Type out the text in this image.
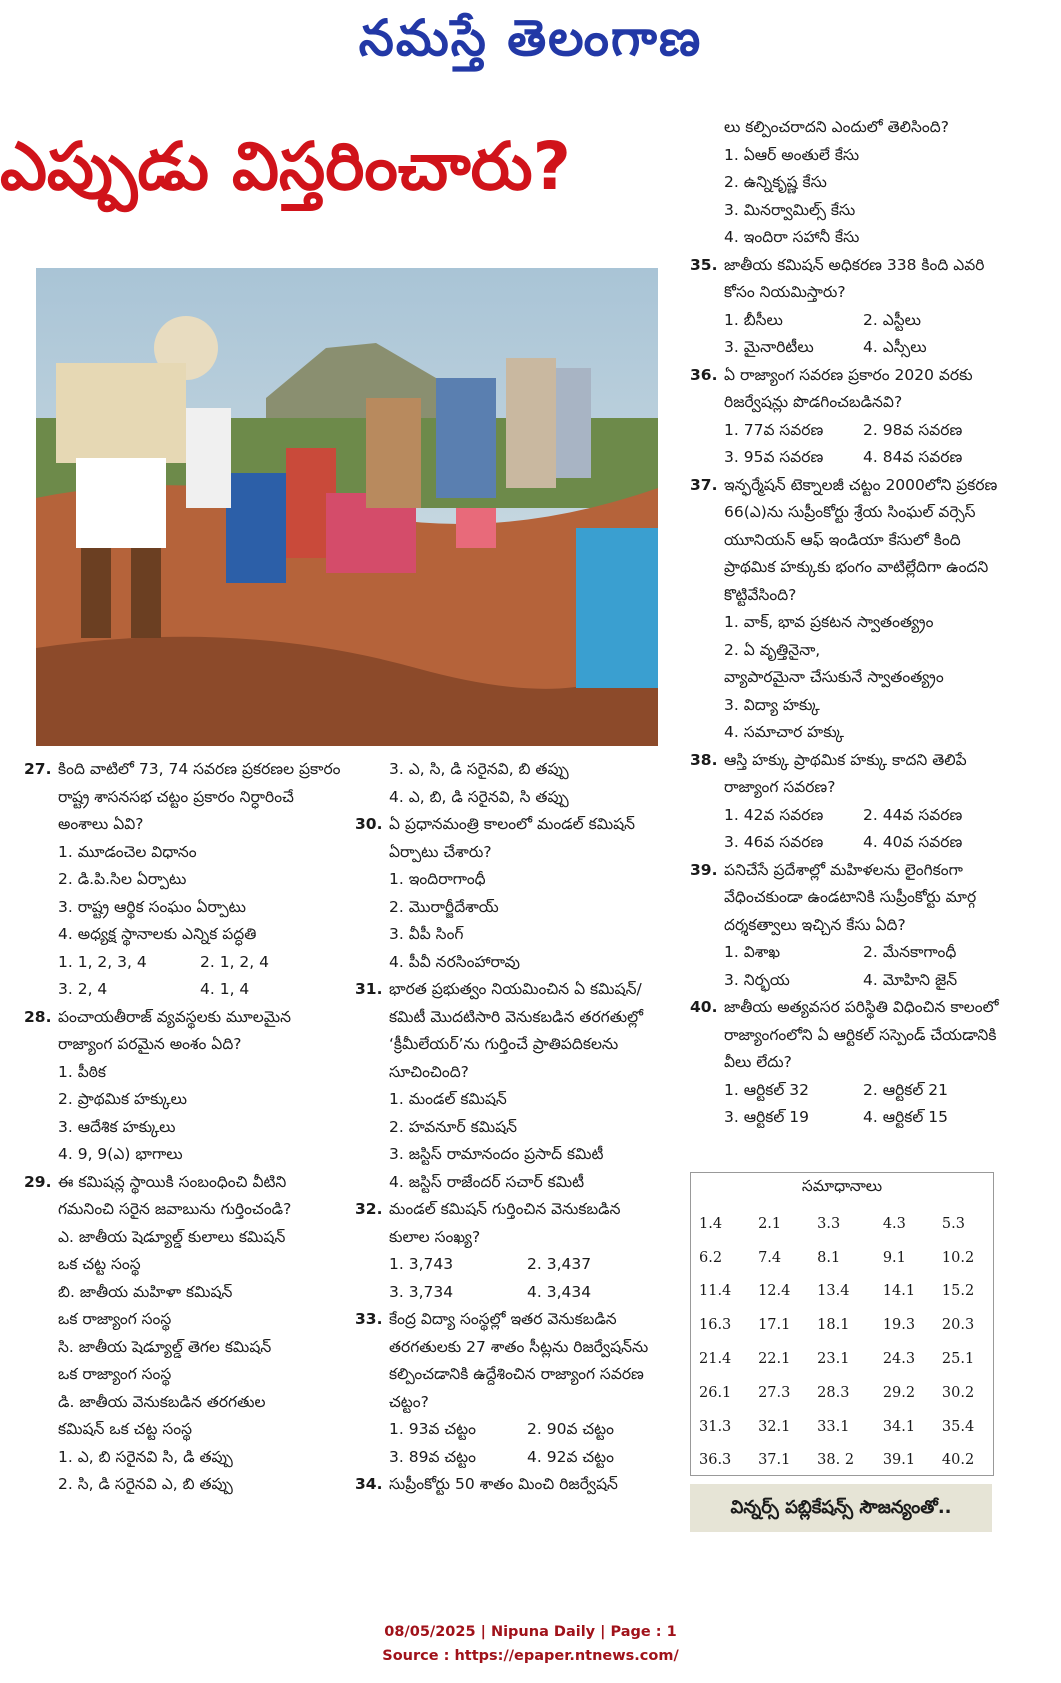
నమస్తే తెలంగాణ
ఎప్పుడు విస్తరించారు?
27. కింది వాటిలో 73, 74 సవరణ ప్రకరణల ప్రకారం రాష్ట్ర శాసనసభ చట్టం ప్రకారం నిర్ధారించే అంశాలు ఏవి?
1. మూడంచెల విధానం
2. డి.పి.సిల ఏర్పాటు
3. రాష్ట్ర ఆర్థిక సంఘం ఏర్పాటు
4. అధ్యక్ష స్థానాలకు ఎన్నిక పద్ధతి
1. 1, 2, 3, 4	2. 1, 2, 4
3. 2, 4	4. 1, 4
28. పంచాయతీరాజ్ వ్యవస్థలకు మూలమైన రాజ్యాంగ పరమైన అంశం ఏది?
1. పీఠిక
2. ప్రాథమిక హక్కులు
3. ఆదేశిక హక్కులు
4. 9, 9(ఎ) భాగాలు
29. ఈ కమిషన్ల స్థాయికి సంబంధించి వీటిని గమనించి సరైన జవాబును గుర్తించండి?
ఎ. జాతీయ షెడ్యూల్డ్ కులాలు కమిషన్
ఒక చట్ట సంస్థ
బి. జాతీయ మహిళా కమిషన్
ఒక రాజ్యాంగ సంస్థ
సి. జాతీయ షెడ్యూల్డ్ తెగల కమిషన్
ఒక రాజ్యాంగ సంస్థ
డి. జాతీయ వెనుకబడిన తరగతుల
కమిషన్ ఒక చట్ట సంస్థ
1. ఎ, బి సరైనవి సి, డి తప్పు
2. సి, డి సరైనవి ఎ, బి తప్పు
3. ఎ, సి, డి సరైనవి, బి తప్పు
4. ఎ, బి, డి సరైనవి, సి తప్పు
30. ఏ ప్రధానమంత్రి కాలంలో మండల్ కమిషన్ ఏర్పాటు చేశారు?
1. ఇందిరాగాంధీ
2. మొరార్జీదేశాయ్
3. వీపీ సింగ్
4. పీవీ నరసింహారావు
31. భారత ప్రభుత్వం నియమించిన ఏ కమిషన్/కమిటీ మొదటిసారి వెనుకబడిన తరగతుల్లో ‘క్రీమీలేయర్’ను గుర్తించే ప్రాతిపదికలను సూచించింది?
1. మండల్ కమిషన్
2. హవనూర్ కమిషన్
3. జస్టిస్ రామానందం ప్రసాద్ కమిటీ
4. జస్టిస్ రాజేందర్ సచార్ కమిటీ
32. మండల్ కమిషన్ గుర్తించిన వెనుకబడిన కులాల సంఖ్య?
1. 3,743	2. 3,437
3. 3,734	4. 3,434
33. కేంద్ర విద్యా సంస్థల్లో ఇతర వెనుకబడిన తరగతులకు 27 శాతం సీట్లను రిజర్వేషన్‌ను కల్పించడానికి ఉద్దేశించిన రాజ్యాంగ సవరణ చట్టం?
1. 93వ చట్టం	2. 90వ చట్టం
3. 89వ చట్టం	4. 92వ చట్టం
34. సుప్రీంకోర్టు 50 శాతం మించి రిజర్వేషన్
లు కల్పించరాదని ఎందులో తెలిసింది?
1. ఏఆర్ అంతులే కేసు
2. ఉన్నికృష్ణ కేసు
3. మినర్వామిల్స్ కేసు
4. ఇందిరా సహానీ కేసు
35. జాతీయ కమిషన్ అధికరణ 338 కింది ఎవరి కోసం నియమిస్తారు?
1. బీసీలు	2. ఎస్టీలు
3. మైనారిటీలు	4. ఎస్సీలు
36. ఏ రాజ్యాంగ సవరణ ప్రకారం 2020 వరకు రిజర్వేషన్లు పొడగించబడినవి?
1. 77వ సవరణ	2. 98వ సవరణ
3. 95వ సవరణ	4. 84వ సవరణ
37. ఇన్ఫర్మేషన్ టెక్నాలజీ చట్టం 2000లోని ప్రకరణ 66(ఎ)ను సుప్రీంకోర్టు శ్రేయ సింఘల్ వర్సెస్ యూనియన్ ఆఫ్ ఇండియా కేసులో కింది ప్రాథమిక హక్కుకు భంగం వాటిల్లేదిగా ఉందని కొట్టివేసింది?
1. వాక్, భావ ప్రకటన స్వాతంత్య్రం
2. ఏ వృత్తినైనా,
వ్యాపారమైనా చేసుకునే స్వాతంత్య్రం
3. విద్యా హక్కు
4. సమాచార హక్కు
38. ఆస్తి హక్కు ప్రాథమిక హక్కు కాదని తెలిపే రాజ్యాంగ సవరణ?
1. 42వ సవరణ	2. 44వ సవరణ
3. 46వ సవరణ	4. 40వ సవరణ
39. పనిచేసే ప్రదేశాల్లో మహిళలను లైంగికంగా వేధించకుండా ఉండటానికి సుప్రీంకోర్టు మార్గ దర్శకత్వాలు ఇచ్చిన కేసు ఏది?
1. విశాఖ	2. మేనకాగాంధీ
3. నిర్భయ	4. మోహిని జైన్
40. జాతీయ అత్యవసర పరిస్థితి విధించిన కాలంలో రాజ్యాంగంలోని ఏ ఆర్టికల్ సస్పెండ్ చేయడానికి వీలు లేదు?
1. ఆర్టికల్ 32	2. ఆర్టికల్ 21
3. ఆర్టికల్ 19	4. ఆర్టికల్ 15
సమాధానాలు
1.4	2.1	3.3	4.3	5.3
6.2	7.4	8.1	9.1	10.2
11.4	12.4	13.4	14.1	15.2
16.3	17.1	18.1	19.3	20.3
21.4	22.1	23.1	24.3	25.1
26.1	27.3	28.3	29.2	30.2
31.3	32.1	33.1	34.1	35.4
36.3	37.1	38. 2	39.1	40.2
విన్నర్స్ పబ్లికేషన్స్ సౌజన్యంతో..
08/05/2025 | Nipuna Daily | Page : 1
Source : https://epaper.ntnews.com/
